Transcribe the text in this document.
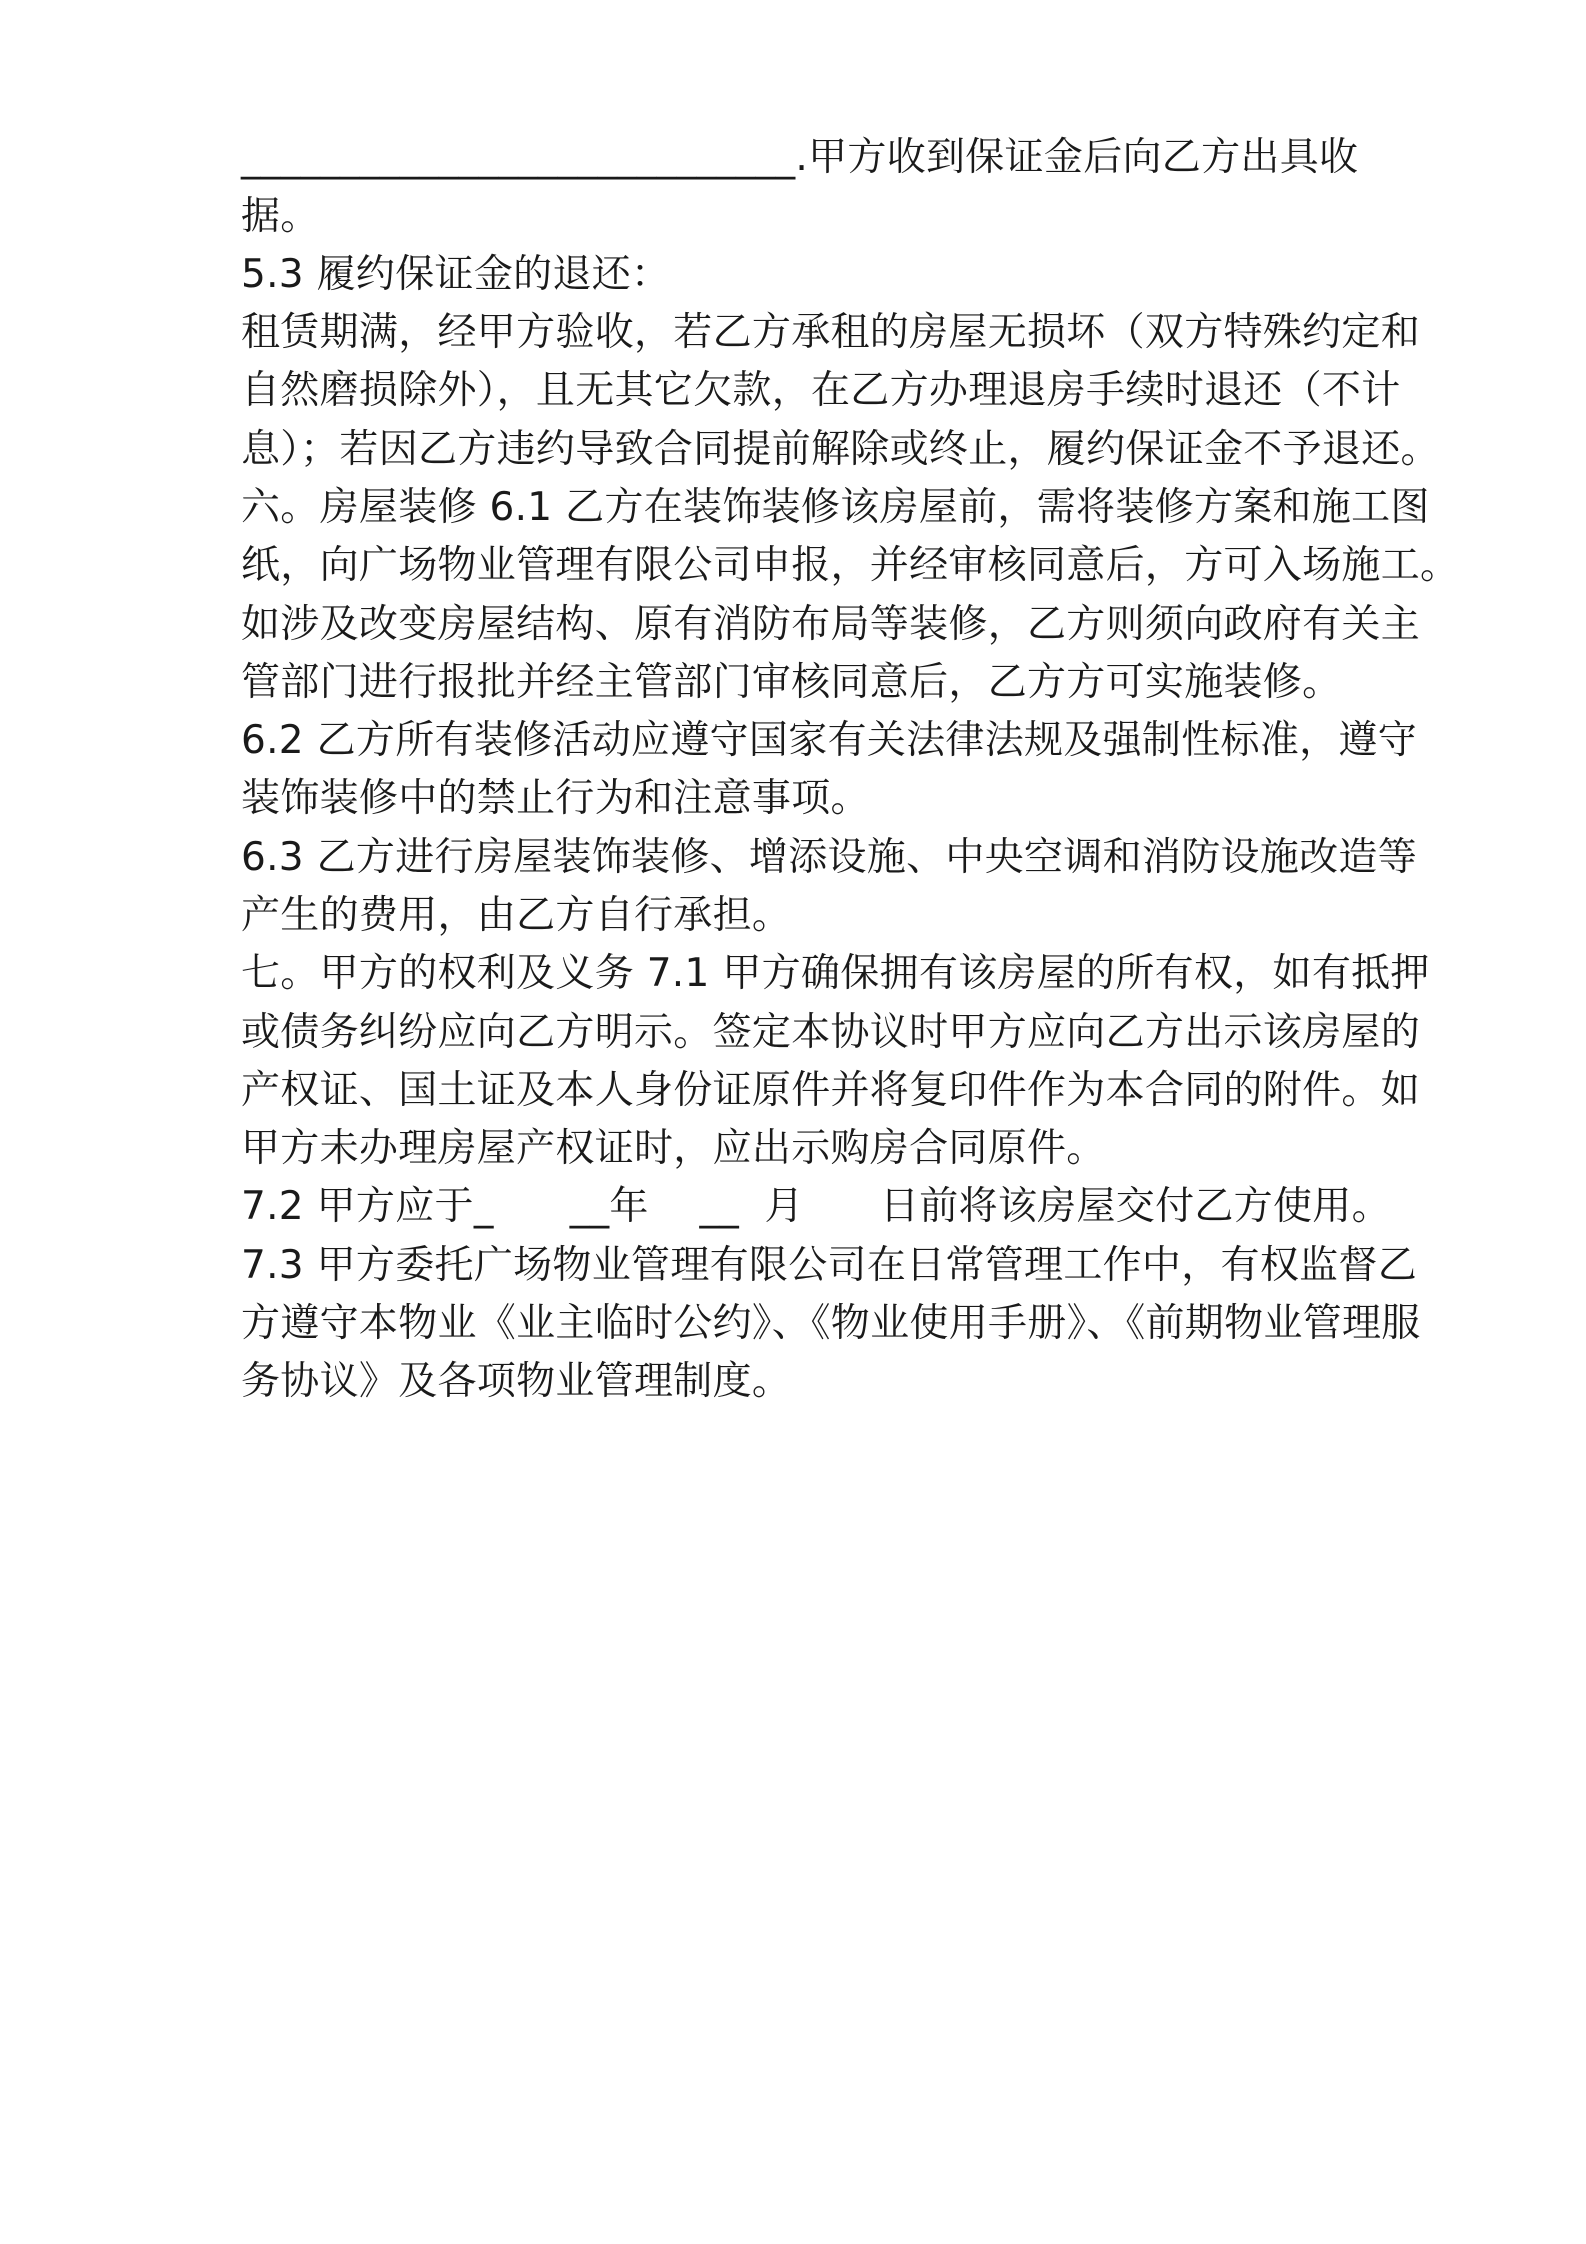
____________________________.甲方收到保证金后向乙方出具收
据。
5.3 履约保证金的退还：
租赁期满，经甲方验收，若乙方承租的房屋无损坏（双方特殊约定和
自然磨损除外），且无其它欠款，在乙方办理退房手续时退还（不计
息）；若因乙方违约导致合同提前解除或终止，履约保证金不予退还。
六。房屋装修 6.1 乙方在装饰装修该房屋前，需将装修方案和施工图
纸，向广场物业管理有限公司申报，并经审核同意后，方可入场施工。
如涉及改变房屋结构、原有消防布局等装修，乙方则须向政府有关主
管部门进行报批并经主管部门审核同意后，乙方方可实施装修。
6.2 乙方所有装修活动应遵守国家有关法律法规及强制性标准，遵守
装饰装修中的禁止行为和注意事项。
6.3 乙方进行房屋装饰装修、增添设施、中央空调和消防设施改造等
产生的费用，由乙方自行承担。
七。甲方的权利及义务 7.1 甲方确保拥有该房屋的所有权，如有抵押
或债务纠纷应向乙方明示。签定本协议时甲方应向乙方出示该房屋的
产权证、国土证及本人身份证原件并将复印件作为本合同的附件。如
甲方未办理房屋产权证时，应出示购房合同原件。
7.2 甲方应于_      __年    __  月      日前将该房屋交付乙方使用。
7.3 甲方委托广场物业管理有限公司在日常管理工作中，有权监督乙
方遵守本物业《业主临时公约》、《物业使用手册》、《前期物业管理服
务协议》及各项物业管理制度。
